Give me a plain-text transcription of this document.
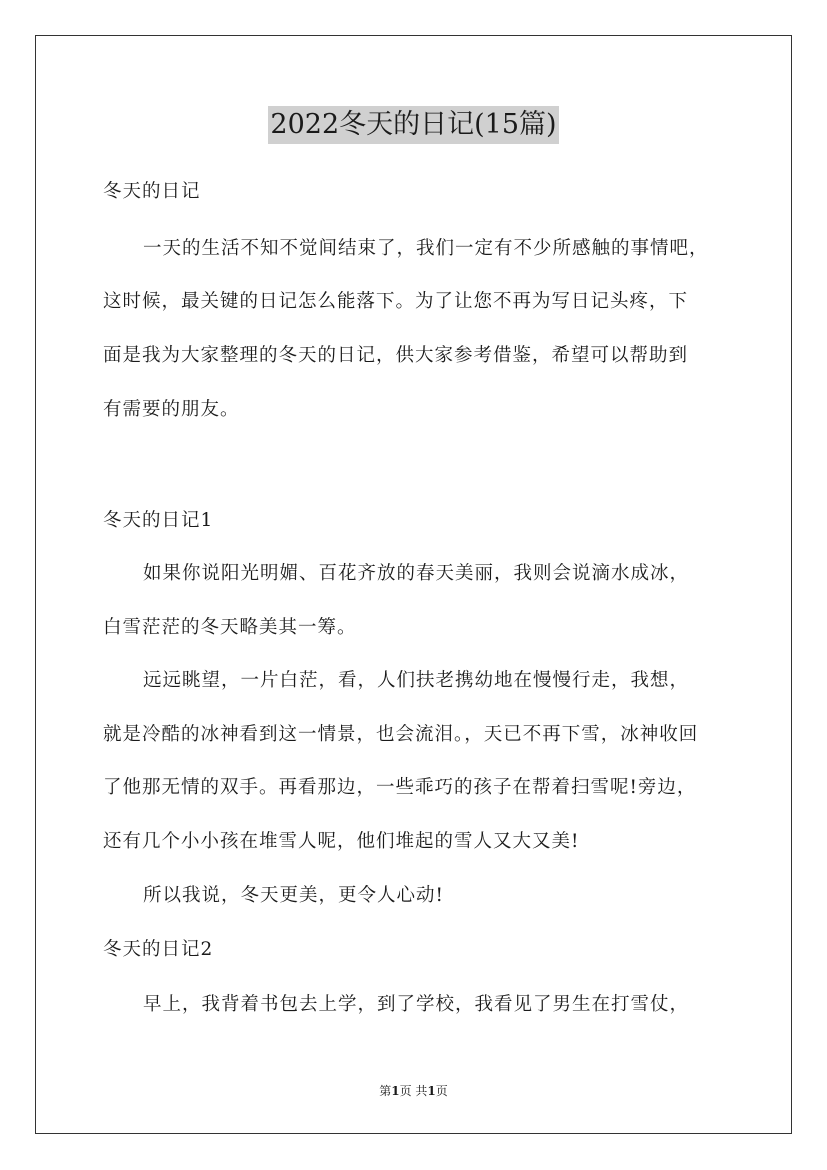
2022冬天的日记(15篇)
冬天的日记
一天的生活不知不觉间结束了，我们一定有不少所感触的事情吧，
这时候，最关键的日记怎么能落下。为了让您不再为写日记头疼，下
面是我为大家整理的冬天的日记，供大家参考借鉴，希望可以帮助到
有需要的朋友。
冬天的日记1
如果你说阳光明媚、百花齐放的春天美丽，我则会说滴水成冰，
白雪茫茫的冬天略美其一筹。
远远眺望，一片白茫，看，人们扶老携幼地在慢慢行走，我想，
就是冷酷的冰神看到这一情景，也会流泪。，天已不再下雪，冰神收回
了他那无情的双手。再看那边，一些乖巧的孩子在帮着扫雪呢!旁边，
还有几个小小孩在堆雪人呢，他们堆起的雪人又大又美!
所以我说，冬天更美，更令人心动!
冬天的日记2
早上，我背着书包去上学，到了学校，我看见了男生在打雪仗，
第1页 共1页
